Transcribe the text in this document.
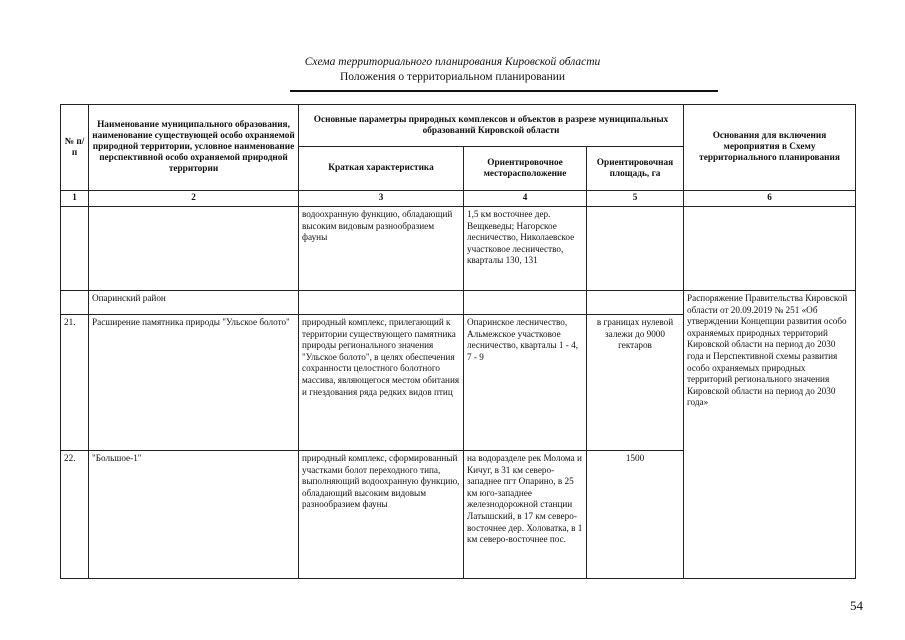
Схема территориального планирования Кировской области
Положения о территориальном планировании
№ п/п	Наименование муниципального образования, наименование существующей особо охраняемой природной территории, условное наименование перспективной особо охраняемой природной территории	Основные параметры природных комплексов и объектов в разрезе муниципальных образований Кировской области			Основания для включения мероприятия в Схему территориального планирования
		Краткая характеристика	Ориентировочное месторасположение	Ориентировочная площадь, га	
1	2	3	4	5	6
		водоохранную функцию, обладающий высоким видовым разнообразием фауны	1,5 км восточнее дер. Вещкеведы; Нагорское лесничество, Николаевское участковое лесничество, кварталы 130, 131		
	Опаринский район				Распоряжение Правительства Кировской области от 20.09.2019 № 251 «Об утверждении Концепции развития особо охраняемых природных территорий Кировской области на период до 2030 года и Перспективной схемы развития особо охраняемых природных территорий регионального значения Кировской области на период до 2030 года»
21.	Расширение памятника природы "Ульское болото"	природный комплекс, прилегающий к территории существующего памятника природы регионального значения "Ульское болото", в целях обеспечения сохранности целостного болотного массива, являющегося местом обитания и гнездования ряда редких видов птиц	Опаринское лесничество, Альмежское участковое лесничество, кварталы 1 - 4, 7 - 9	в границах нулевой залежи до 9000 гектаров	
22.	"Большое-1"	природный комплекс, сформированный участками болот переходного типа, выполняющий водоохранную функцию, обладающий высоким видовым разнообразием фауны	на водоразделе рек Молома и Кичуг, в 31 км северо-западнее пгт Опарино, в 25 км юго-западнее железнодорожной станции Латышский, в 17 км северо-восточнее дер. Холоватка, в 1 км северо-восточнее пос.	1500	
54
